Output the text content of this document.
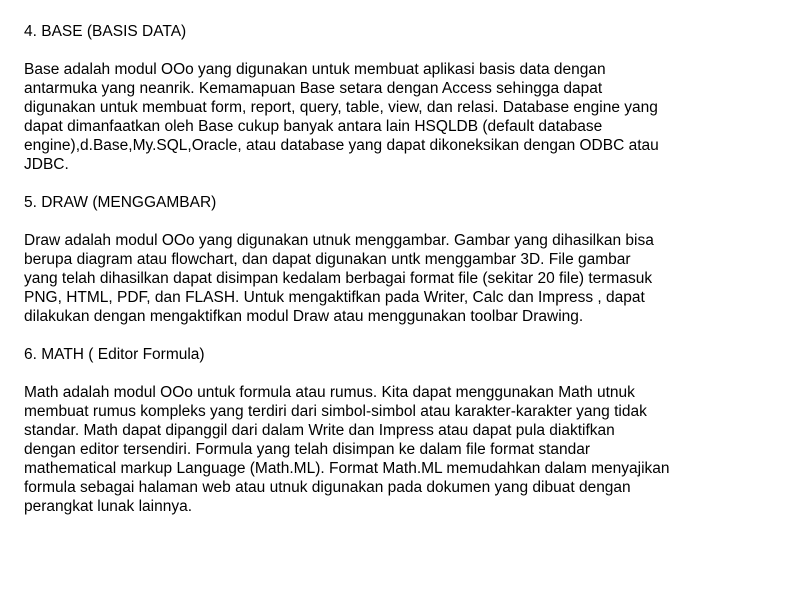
4. BASE (BASIS DATA)
Base adalah modul OOo yang digunakan untuk membuat aplikasi basis data dengan
antarmuka yang neanrik. Kemamapuan Base setara dengan Access sehingga dapat
digunakan untuk membuat form, report, query, table, view, dan relasi. Database engine yang
dapat dimanfaatkan oleh Base cukup banyak antara lain HSQLDB (default database
engine),d.Base,My.SQL,Oracle, atau database yang dapat dikoneksikan dengan ODBC atau
JDBC.
5. DRAW (MENGGAMBAR)
Draw adalah modul OOo yang digunakan utnuk menggambar. Gambar yang dihasilkan bisa
berupa diagram atau flowchart, dan dapat digunakan untk menggambar 3D. File gambar
yang telah dihasilkan dapat disimpan kedalam berbagai format file (sekitar 20 file) termasuk
PNG, HTML, PDF, dan FLASH. Untuk mengaktifkan pada Writer, Calc dan Impress , dapat
dilakukan dengan mengaktifkan modul Draw atau menggunakan toolbar Drawing.
6. MATH ( Editor Formula)
Math adalah modul OOo untuk formula atau rumus. Kita dapat menggunakan Math utnuk
membuat rumus kompleks yang terdiri dari simbol-simbol atau karakter-karakter yang tidak
standar. Math dapat dipanggil dari dalam Write dan Impress atau dapat pula diaktifkan
dengan editor tersendiri. Formula yang telah disimpan ke dalam file format standar
mathematical markup Language (Math.ML). Format Math.ML memudahkan dalam menyajikan
formula sebagai halaman web atau utnuk digunakan pada dokumen yang dibuat dengan
perangkat lunak lainnya.
